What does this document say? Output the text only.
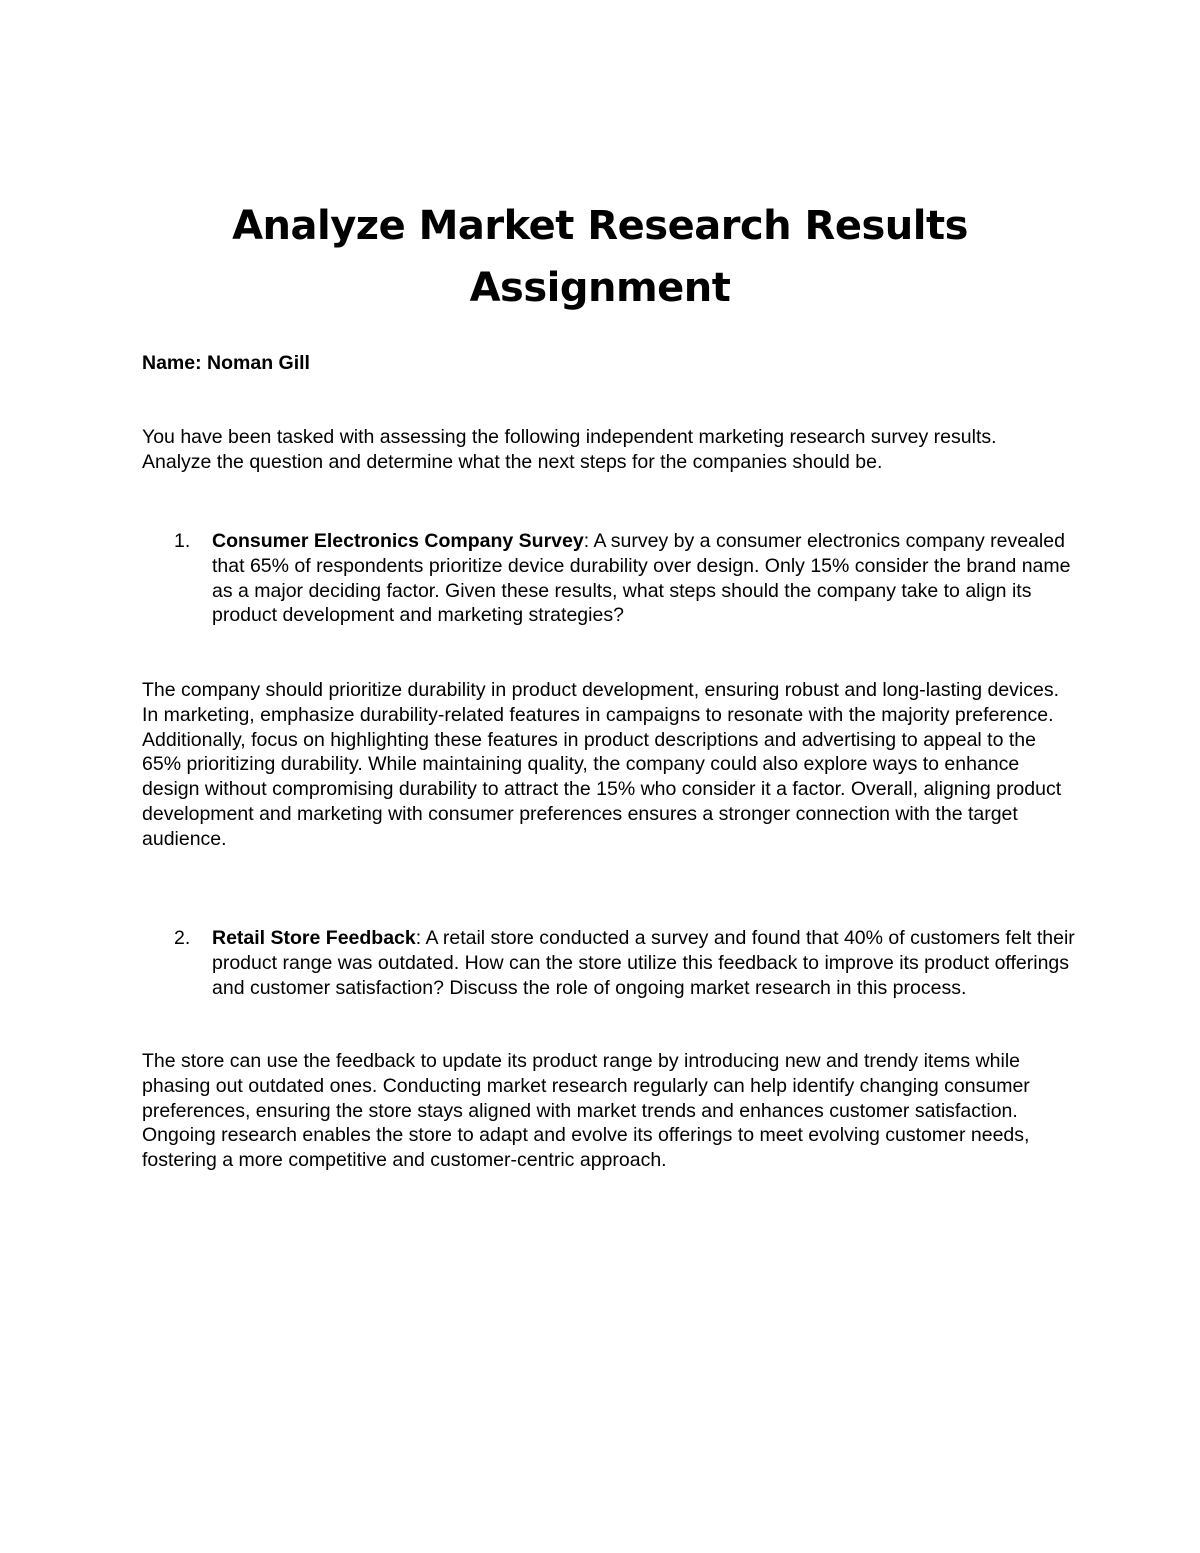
Analyze Market Research Results
Assignment

Name: Noman Gill

You have been tasked with assessing the following independent marketing research survey results. Analyze the question and determine what the next steps for the companies should be.

1. Consumer Electronics Company Survey: A survey by a consumer electronics company revealed that 65% of respondents prioritize device durability over design. Only 15% consider the brand name as a major deciding factor. Given these results, what steps should the company take to align its product development and marketing strategies?

The company should prioritize durability in product development, ensuring robust and long-lasting devices. In marketing, emphasize durability-related features in campaigns to resonate with the majority preference. Additionally, focus on highlighting these features in product descriptions and advertising to appeal to the 65% prioritizing durability. While maintaining quality, the company could also explore ways to enhance design without compromising durability to attract the 15% who consider it a factor. Overall, aligning product development and marketing with consumer preferences ensures a stronger connection with the target audience.

2. Retail Store Feedback: A retail store conducted a survey and found that 40% of customers felt their product range was outdated. How can the store utilize this feedback to improve its product offerings and customer satisfaction? Discuss the role of ongoing market research in this process.

The store can use the feedback to update its product range by introducing new and trendy items while phasing out outdated ones. Conducting market research regularly can help identify changing consumer preferences, ensuring the store stays aligned with market trends and enhances customer satisfaction. Ongoing research enables the store to adapt and evolve its offerings to meet evolving customer needs, fostering a more competitive and customer-centric approach.
